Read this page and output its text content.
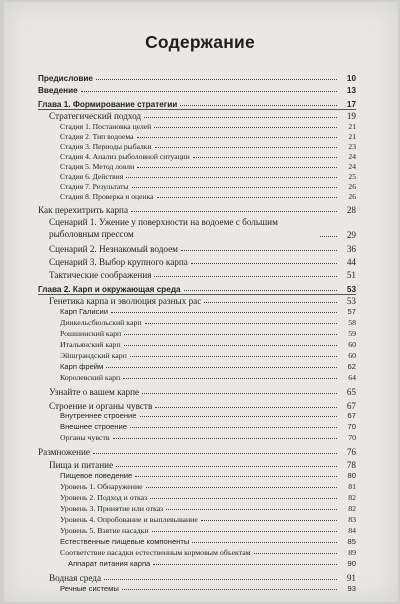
Содержание
Предисловие	10
Введение	13
Глава 1. Формирование стратегии	17
Стратегический подход	19
Стадия 1. Постановка целей	21
Стадия 2. Тип водоема	21
Стадия 3. Периоды рыбалки	23
Стадия 4. Анализ рыболовной ситуации	24
Стадия 5. Метод ловли	24
Стадия 6. Действия	25
Стадия 7. Результаты	26
Стадия 8. Проверка и оценка	26
Как перехитрить карпа	28
Сценарий 1. Ужение у поверхности на водоеме с большим рыболовным прессом	29
Сценарий 2. Незнакомый водоем	36
Сценарий 3. Выбор крупного карпа	44
Тактические соображения	51
Глава 2. Карп и окружающая среда	53
Генетика карпа и эволюция разных рас	53
Карп Галисии	57
Динкельсбюльский карп	58
Рошшинский карп	59
Итальянский карп	60
Эйшграндский карп	60
Карп фрейм	62
Королевский карп	64
Узнайте о вашем карпе	65
Строение и органы чувств	67
Внутреннее строение	67
Внешнее строение	70
Органы чувств	70
Размножение	76
Пища и питание	78
Пищевое поведение	80
Уровень 1. Обнаружение	81
Уровень 2. Подход и отказ	82
Уровень 3. Принятие или отказ	82
Уровень 4. Опробование и выплевывание	83
Уровень 5. Взятие насадки	84
Естественные пищевые компоненты	85
Соответствие насадки естественным кормовым объектам	89
Аппарат питания карпа	90
Водная среда	91
Речные системы	93
